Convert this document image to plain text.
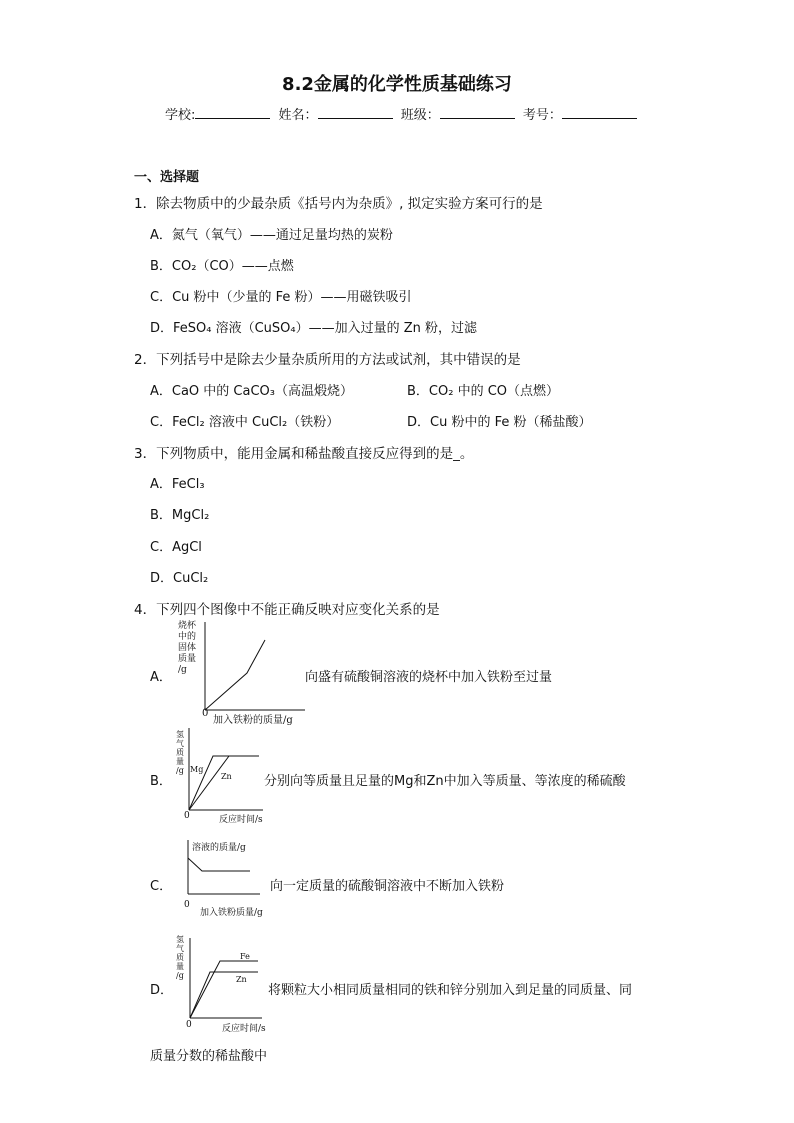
8.2金属的化学性质基础练习
学校:	姓名：	班级：	考号：
一、选择题
1．除去物质中的少最杂质《括号内为杂质》, 拟定实验方案可行的是
A．氮气（氧气）——通过足量均热的炭粉
B．CO₂（CO）——点燃
C．Cu 粉中（少量的 Fe 粉）——用磁铁吸引
D．FeSO₄ 溶液（CuSO₄）——加入过量的 Zn 粉，过滤
2．下列括号中是除去少量杂质所用的方法或试剂，其中错误的是
A．CaO 中的 CaCO₃（高温煅烧）	B．CO₂ 中的 CO（点燃）
C．FeCl₂ 溶液中 CuCl₂（铁粉）	D．Cu 粉中的 Fe 粉（稀盐酸）
3．下列物质中，能用金属和稀盐酸直接反应得到的是_。
A．FeCl₃
B．MgCl₂
C．AgCl
D．CuCl₂
4．下列四个图像中不能正确反映对应变化关系的是
A．
烧杯
中的
固体
质量
/g
0
加入铁粉的质量/g
向盛有硫酸铜溶液的烧杯中加入铁粉至过量
B．
氢
气
质
量
/g Mg
Zn
0	反应时间/s
分别向等质量且足量的Mg和Zn中加入等质量、等浓度的稀硫酸
C．
溶液的质量/g
0
加入铁粉质量/g
向一定质量的硫酸铜溶液中不断加入铁粉
D．
氢
气
质
量
/g
Fe
Zn
0	反应时间/s
将颗粒大小相同质量相同的铁和锌分别加入到足量的同质量、同
质量分数的稀盐酸中
